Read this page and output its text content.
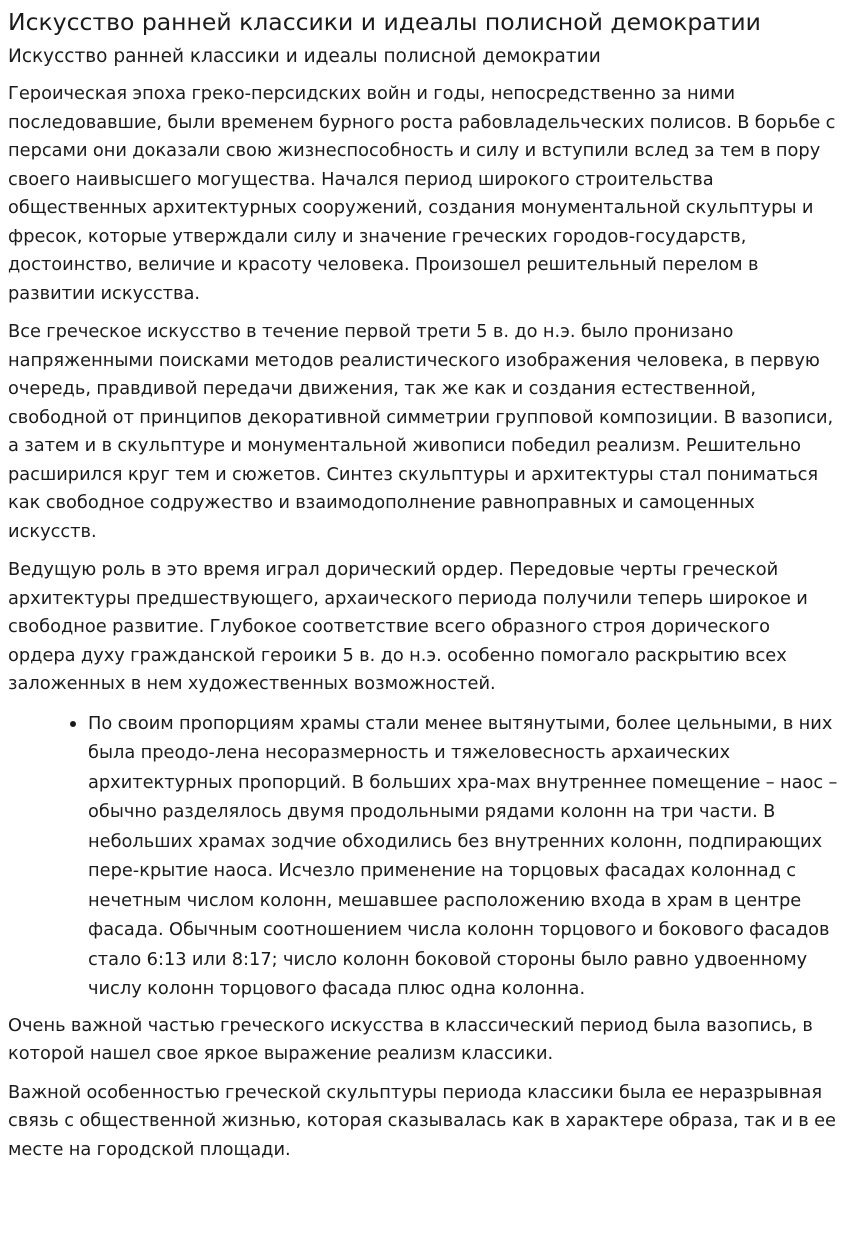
Искусство ранней классики и идеалы полисной демократии
Искусство ранней классики и идеалы полисной демократии

Героическая эпоха греко-персидских войн и годы, непосредственно за ними последовавшие, были временем бурного роста рабовладельческих полисов. В борьбе с персами они доказали свою жизнеспособность и силу и вступили вслед за тем в пору своего наивысшего могущества. Начался период широкого строительства общественных архитектурных сооружений, создания монументальной скульптуры и фресок, которые утверждали силу и значение греческих городов-государств, достоинство, величие и красоту человека. Произошел решительный перелом в развитии искусства.

Все греческое искусство в течение первой трети 5 в. до н.э. было пронизано напряженными поисками методов реалистического изображения человека, в первую очередь, правдивой передачи движения, так же как и создания естественной, свободной от принципов декоративной симметрии групповой композиции. В вазописи, а затем и в скульптуре и монументальной живописи победил реализм. Решительно расширился круг тем и сюжетов. Синтез скульптуры и архитектуры стал пониматься как свободное содружество и взаимодополнение равноправных и самоценных искусств.

Ведущую роль в это время играл дорический ордер. Передовые черты греческой архитектуры предшествующего, архаического периода получили теперь широкое и свободное развитие. Глубокое соответствие всего образного строя дорического ордера духу гражданской героики 5 в. до н.э. особенно помогало раскрытию всех заложенных в нем художественных возможностей.

По своим пропорциям храмы стали менее вытянутыми, более цельными, в них была преодо-лена несоразмерность и тяжеловесность архаических архитектурных пропорций. В больших хра-мах внутреннее помещение – наос – обычно разделялось двумя продольными рядами колонн на три части. В небольших храмах зодчие обходились без внутренних колонн, подпирающих пере-крытие наоса. Исчезло применение на торцовых фасадах колоннад с нечетным числом колонн, мешавшее расположению входа в храм в центре фасада. Обычным соотношением числа колонн торцового и бокового фасадов стало 6:13 или 8:17; число колонн боковой стороны было равно удвоенному числу колонн торцового фасада плюс одна колонна.

Очень важной частью греческого искусства в классический период была вазопись, в которой нашел свое яркое выражение реализм классики.

Важной особенностью греческой скульптуры периода классики была ее неразрывная связь с общественной жизнью, которая сказывалась как в характере образа, так и в ее месте на городской площади.
